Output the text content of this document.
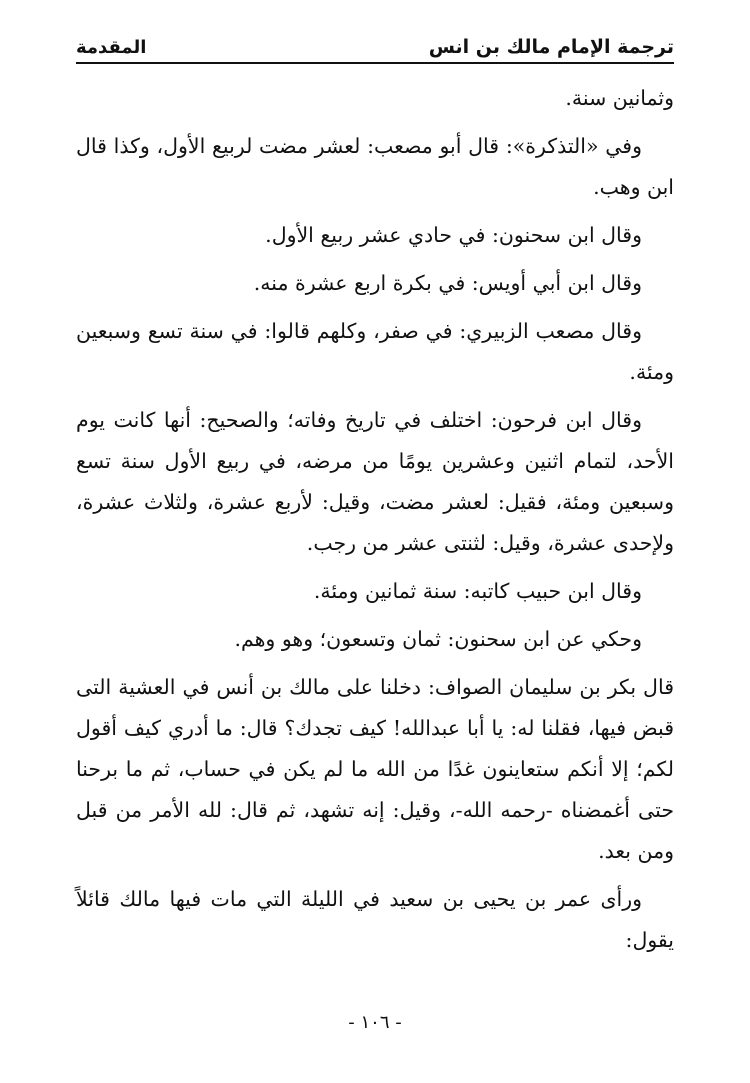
ترجمة الإمام مالك بن انس
المقدمة

وثمانين سنة.

وفي «التذكرة»: قال أبو مصعب: لعشر مضت لربيع الأول، وكذا قال ابن وهب.

وقال ابن سحنون: في حادي عشر ربيع الأول.

وقال ابن أبي أويس: في بكرة اربع عشرة منه.

وقال مصعب الزبيري: في صفر، وكلهم قالوا: في سنة تسع وسبعين ومئة.

وقال ابن فرحون: اختلف في تاريخ وفاته؛ والصحيح: أنها كانت يوم الأحد، لتمام اثنين وعشرين يومًا من مرضه، في ربيع الأول سنة تسع وسبعين ومئة، فقيل: لعشر مضت، وقيل: لأربع عشرة، ولثلاث عشرة، ولإحدى عشرة، وقيل: لثنتى عشر من رجب.

وقال ابن حبيب كاتبه: سنة ثمانين ومئة.

وحكي عن ابن سحنون: ثمان وتسعون؛ وهو وهم.

قال بكر بن سليمان الصواف: دخلنا على مالك بن أنس في العشية التى قبض فيها، فقلنا له: يا أبا عبدالله! كيف تجدك؟ قال: ما أدري كيف أقول لكم؛ إلا أنكم ستعاينون غدًا من الله ما لم يكن في حساب، ثم ما برحنا حتى أغمضناه -رحمه الله-، وقيل: إنه تشهد، ثم قال: لله الأمر من قبل ومن بعد.

ورأى عمر بن يحيى بن سعيد في الليلة التي مات فيها مالك قائلاً يقول:

- ١٠٦ -
